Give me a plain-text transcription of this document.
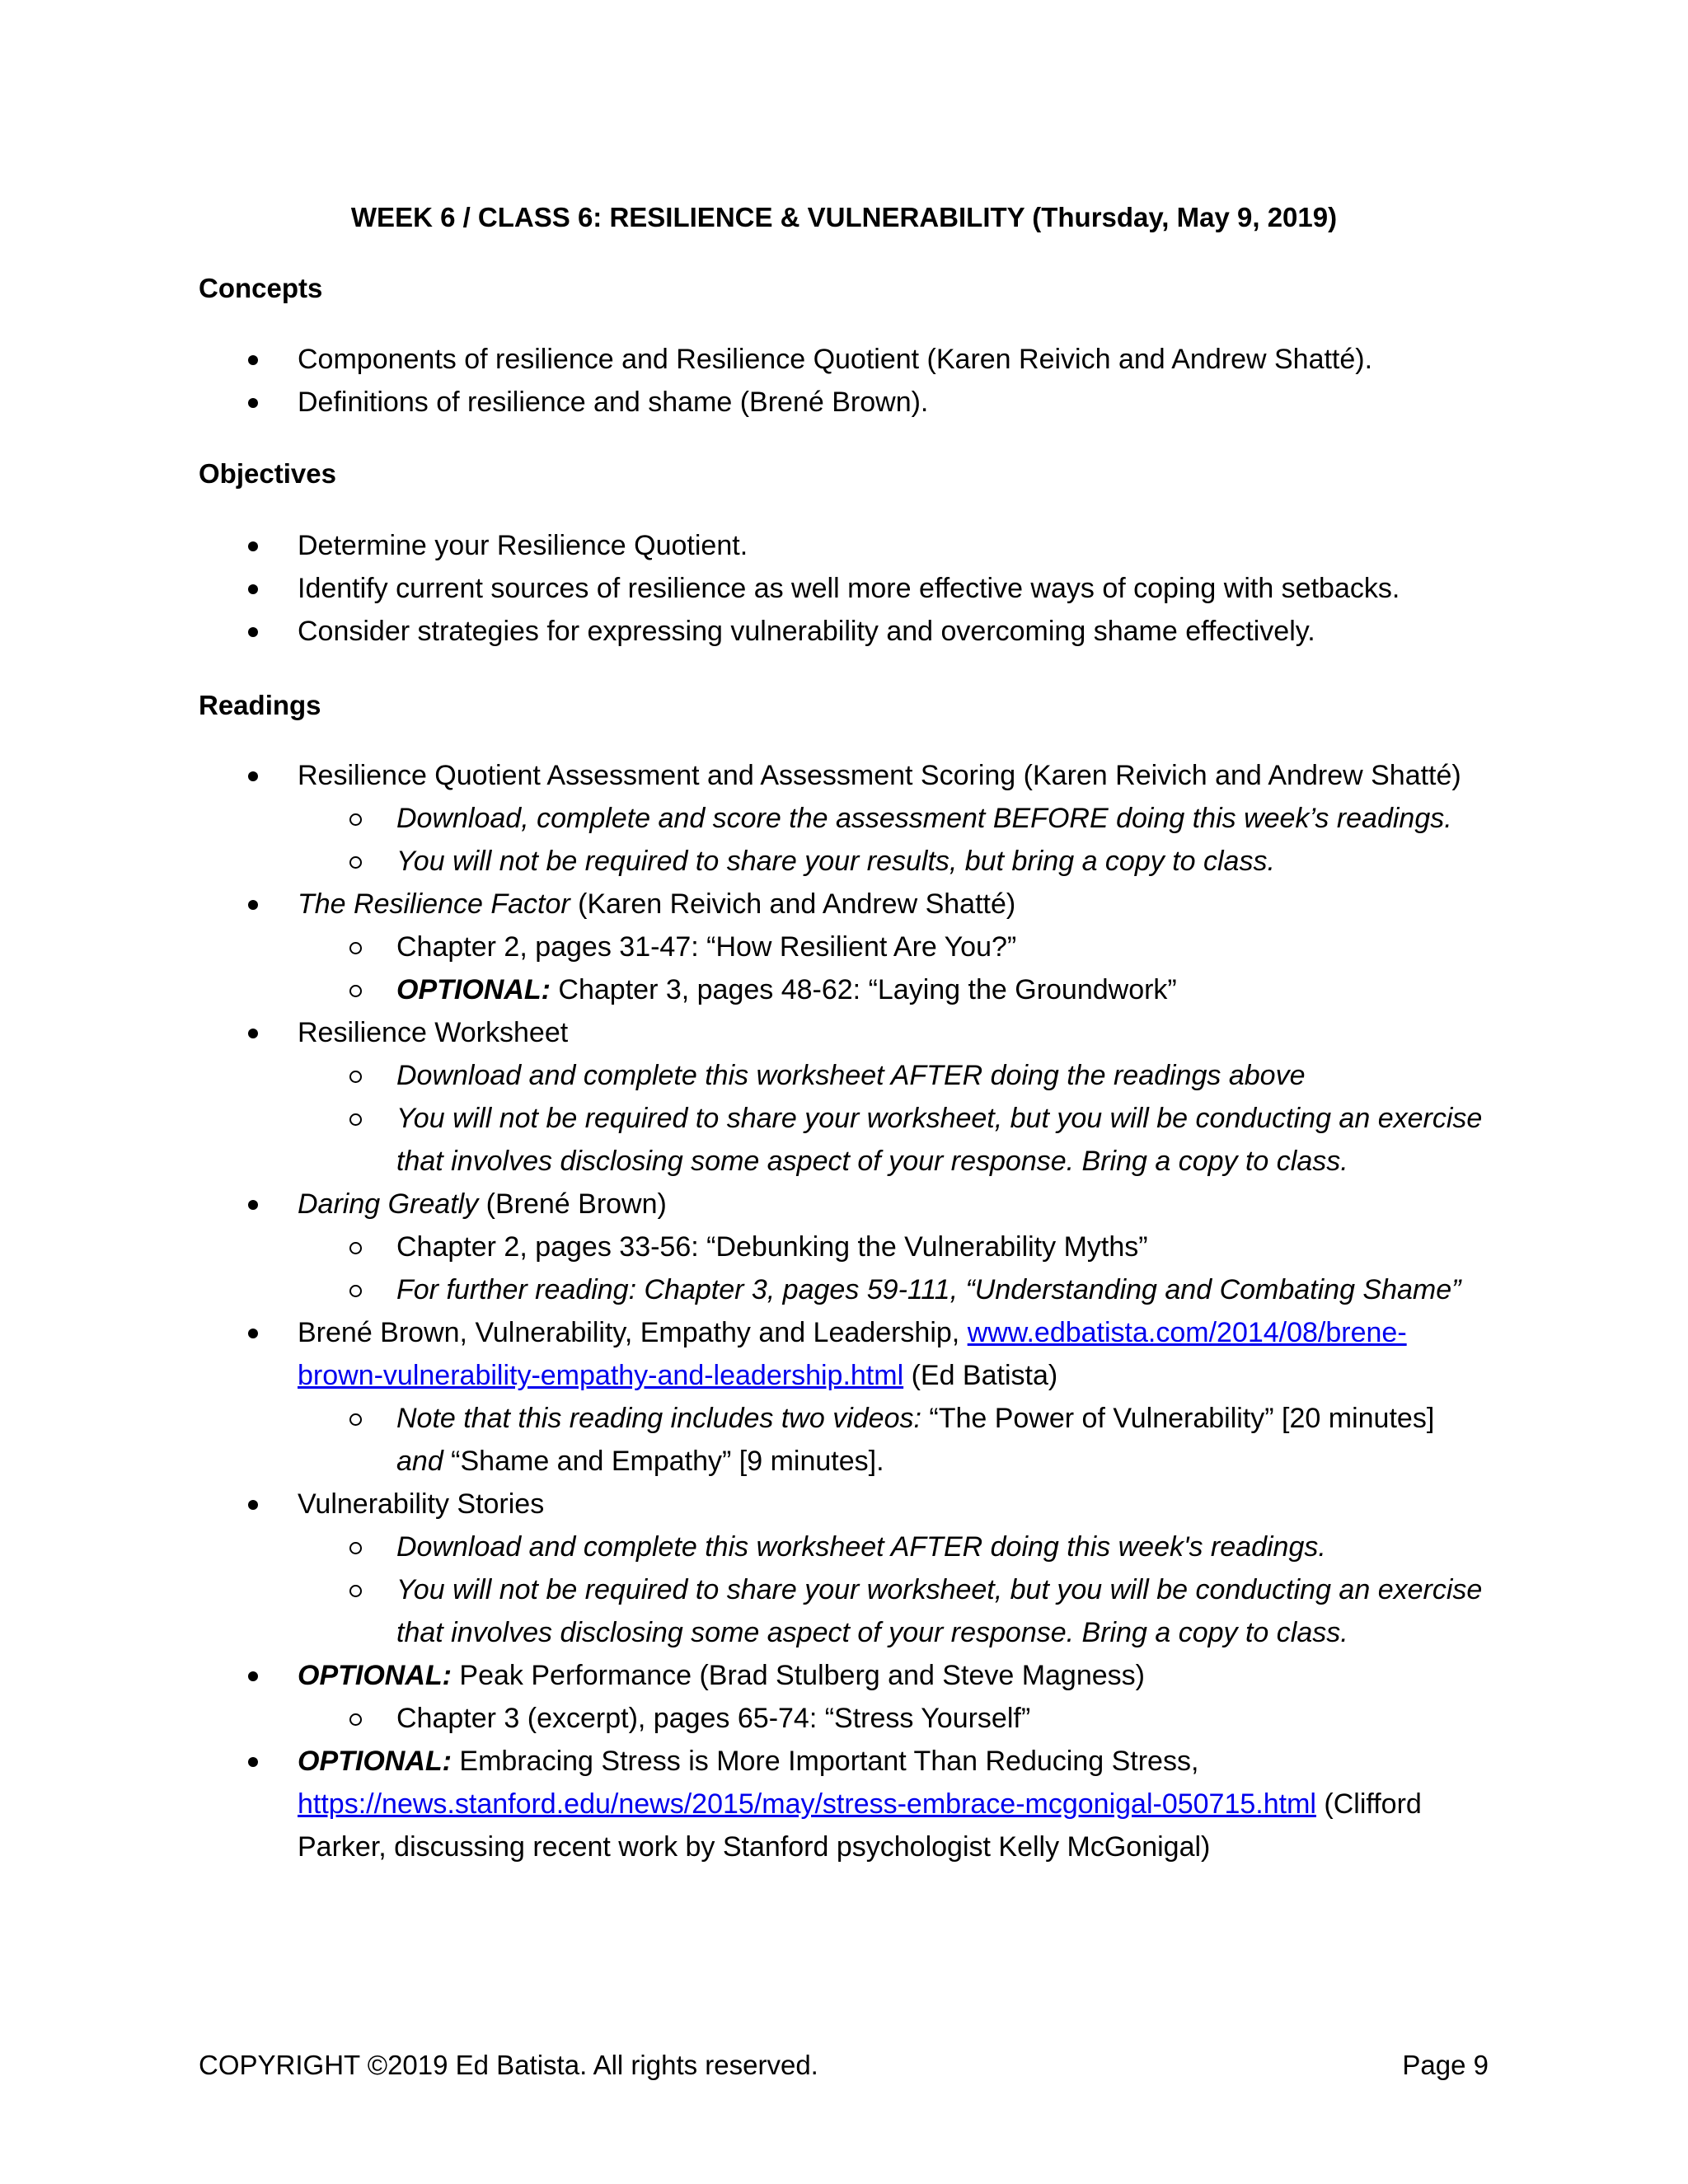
WEEK 6 / CLASS 6: RESILIENCE & VULNERABILITY (Thursday, May 9, 2019)
Concepts
Components of resilience and Resilience Quotient (Karen Reivich and Andrew Shatté).
Definitions of resilience and shame (Brené Brown).
Objectives
Determine your Resilience Quotient.
Identify current sources of resilience as well more effective ways of coping with setbacks.
Consider strategies for expressing vulnerability and overcoming shame effectively.
Readings
Resilience Quotient Assessment and Assessment Scoring (Karen Reivich and Andrew Shatté)
Download, complete and score the assessment BEFORE doing this week’s readings.
You will not be required to share your results, but bring a copy to class.
The Resilience Factor (Karen Reivich and Andrew Shatté)
Chapter 2, pages 31-47: “How Resilient Are You?”
OPTIONAL: Chapter 3, pages 48-62: “Laying the Groundwork”
Resilience Worksheet
Download and complete this worksheet AFTER doing the readings above
You will not be required to share your worksheet, but you will be conducting an exercise
that involves disclosing some aspect of your response. Bring a copy to class.
Daring Greatly (Brené Brown)
Chapter 2, pages 33-56: “Debunking the Vulnerability Myths”
For further reading: Chapter 3, pages 59-111, “Understanding and Combating Shame”
Brené Brown, Vulnerability, Empathy and Leadership, www.edbatista.com/2014/08/brene-
brown-vulnerability-empathy-and-leadership.html (Ed Batista)
Note that this reading includes two videos: “The Power of Vulnerability” [20 minutes]
and “Shame and Empathy” [9 minutes].
Vulnerability Stories
Download and complete this worksheet AFTER doing this week's readings.
You will not be required to share your worksheet, but you will be conducting an exercise
that involves disclosing some aspect of your response. Bring a copy to class.
OPTIONAL: Peak Performance (Brad Stulberg and Steve Magness)
Chapter 3 (excerpt), pages 65-74: “Stress Yourself”
OPTIONAL: Embracing Stress is More Important Than Reducing Stress,
https://news.stanford.edu/news/2015/may/stress-embrace-mcgonigal-050715.html (Clifford
Parker, discussing recent work by Stanford psychologist Kelly McGonigal)
COPYRIGHT ©2019 Ed Batista. All rights reserved.	Page 9
